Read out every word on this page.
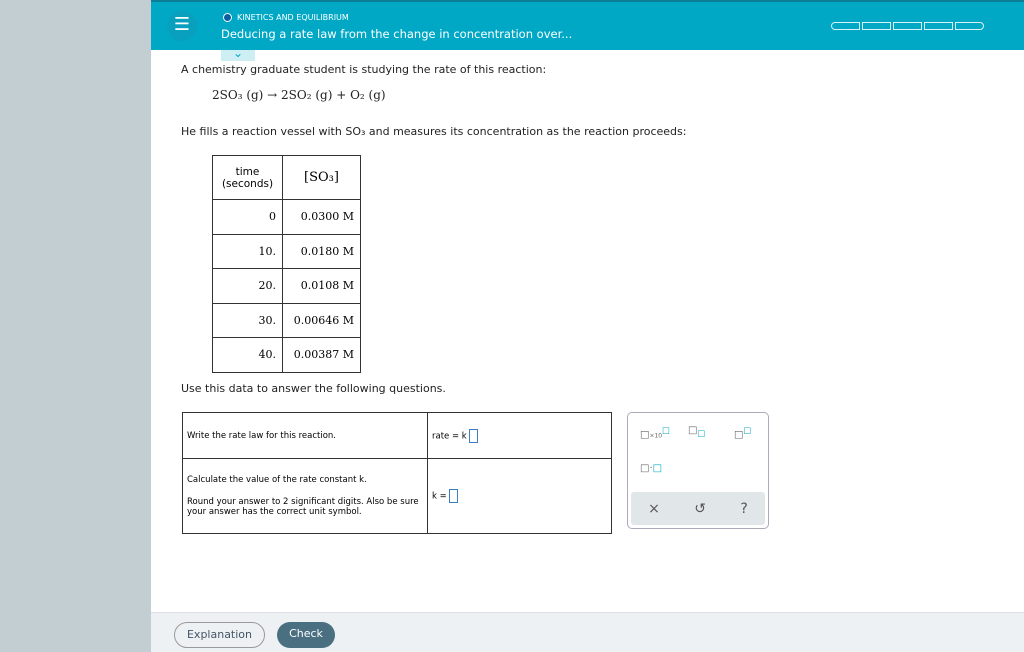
☰	KINETICS AND EQUILIBRIUM
Deducing a rate law from the change in concentration over...
A chemistry graduate student is studying the rate of this reaction:
⌄
2SO₃ (g) → 2SO₂ (g) + O₂ (g)
He fills a reaction vessel with SO₃ and measures its concentration as the reaction proceeds:
time (seconds)	[SO₃]
0	0.0300 M
10.	0.0180 M
20.	0.0108 M
30.	0.00646 M
40.	0.00387 M
Use this data to answer the following questions.
Write the rate law for this reaction.	rate = k

Calculate the value of the rate constant k.
Round your answer to 2 significant digits. Also be sure your answer has the correct unit symbol.	k =
□×10□ $□_□$	□□
□·□
× ↺ ?
Explanation	Check
